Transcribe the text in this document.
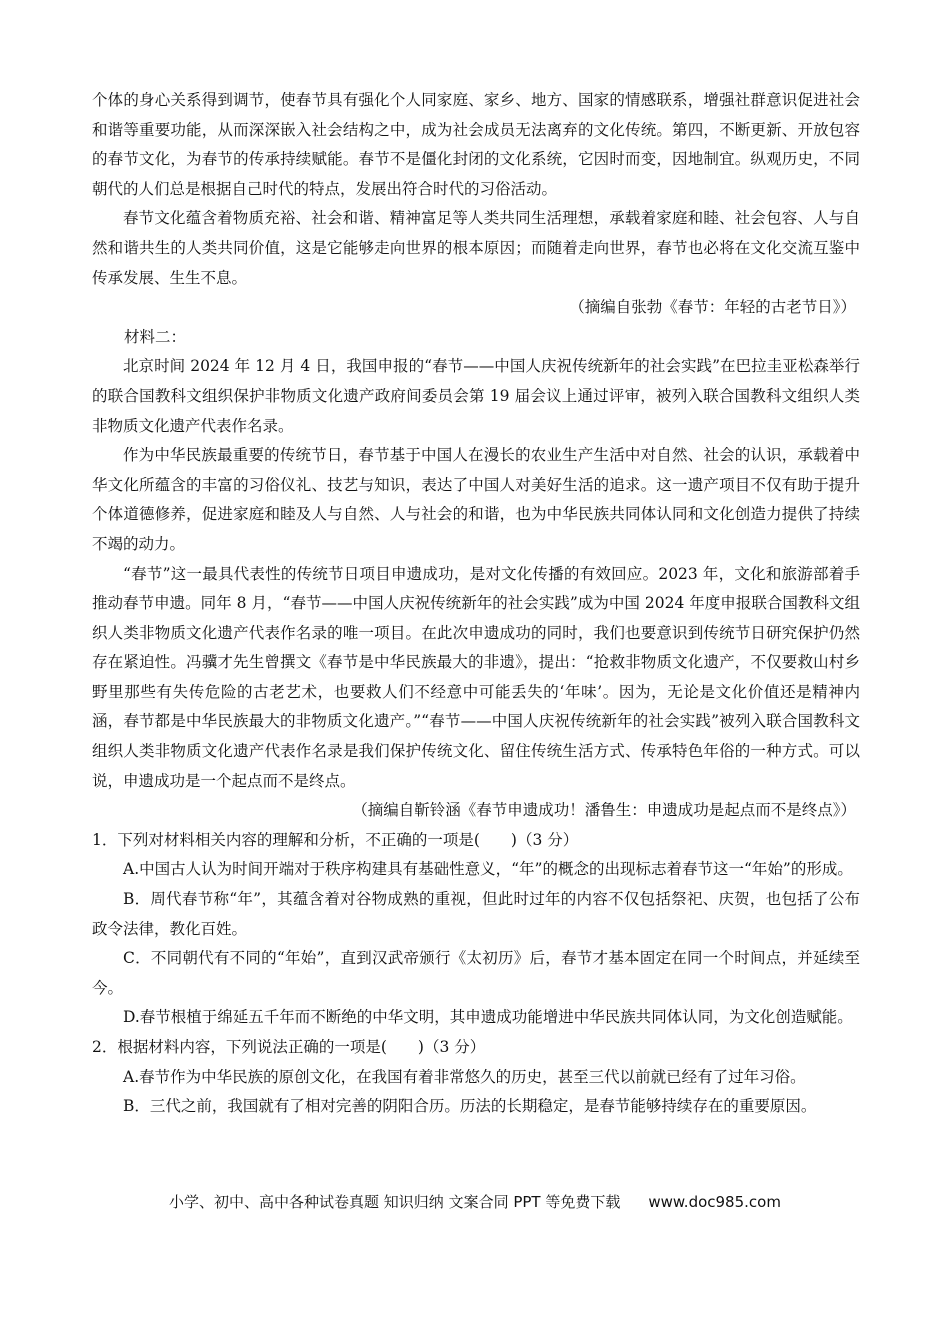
个体的身心关系得到调节，使春节具有强化个人同家庭、家乡、地方、国家的情感联系，增强社群意识促进社会和谐等重要功能，从而深深嵌入社会结构之中，成为社会成员无法离弃的文化传统。第四，不断更新、开放包容的春节文化，为春节的传承持续赋能。春节不是僵化封闭的文化系统，它因时而变，因地制宜。纵观历史，不同朝代的人们总是根据自己时代的特点，发展出符合时代的习俗活动。

春节文化蕴含着物质充裕、社会和谐、精神富足等人类共同生活理想，承载着家庭和睦、社会包容、人与自然和谐共生的人类共同价值，这是它能够走向世界的根本原因；而随着走向世界，春节也必将在文化交流互鉴中传承发展、生生不息。

（摘编自张勃《春节：年轻的古老节日》）

材料二：

北京时间 2024 年 12 月 4 日，我国申报的“春节——中国人庆祝传统新年的社会实践”在巴拉圭亚松森举行的联合国教科文组织保护非物质文化遗产政府间委员会第 19 届会议上通过评审，被列入联合国教科文组织人类非物质文化遗产代表作名录。

作为中华民族最重要的传统节日，春节基于中国人在漫长的农业生产生活中对自然、社会的认识，承载着中华文化所蕴含的丰富的习俗仪礼、技艺与知识，表达了中国人对美好生活的追求。这一遗产项目不仅有助于提升个体道德修养，促进家庭和睦及人与自然、人与社会的和谐，也为中华民族共同体认同和文化创造力提供了持续不竭的动力。

“春节”这一最具代表性的传统节日项目申遗成功，是对文化传播的有效回应。2023 年，文化和旅游部着手推动春节申遗。同年 8 月，“春节——中国人庆祝传统新年的社会实践”成为中国 2024 年度申报联合国教科文组织人类非物质文化遗产代表作名录的唯一项目。在此次申遗成功的同时，我们也要意识到传统节日研究保护仍然存在紧迫性。冯骥才先生曾撰文《春节是中华民族最大的非遗》，提出：“抢救非物质文化遗产，不仅要救山村乡野里那些有失传危险的古老艺术，也要救人们不经意中可能丢失的‘年味’。因为，无论是文化价值还是精神内涵，春节都是中华民族最大的非物质文化遗产。”“春节——中国人庆祝传统新年的社会实践”被列入联合国教科文组织人类非物质文化遗产代表作名录是我们保护传统文化、留住传统生活方式、传承特色年俗的一种方式。可以说，申遗成功是一个起点而不是终点。

（摘编自靳铃涵《春节申遗成功！潘鲁生：申遗成功是起点而不是终点》）

1．下列对材料相关内容的理解和分析，不正确的一项是(　　)（3 分）

A.中国古人认为时间开端对于秩序构建具有基础性意义，“年”的概念的出现标志着春节这一“年始”的形成。

B．周代春节称“年”，其蕴含着对谷物成熟的重视，但此时过年的内容不仅包括祭祀、庆贺，也包括了公布政令法律，教化百姓。

C．不同朝代有不同的“年始”，直到汉武帝颁行《太初历》后，春节才基本固定在同一个时间点，并延续至今。

D.春节根植于绵延五千年而不断绝的中华文明，其申遗成功能增进中华民族共同体认同，为文化创造赋能。

2．根据材料内容，下列说法正确的一项是(　　)（3 分）

A.春节作为中华民族的原创文化，在我国有着非常悠久的历史，甚至三代以前就已经有了过年习俗。

B．三代之前，我国就有了相对完善的阴阳合历。历法的长期稳定，是春节能够持续存在的重要原因。

小学、初中、高中各种试卷真题 知识归纳 文案合同 PPT 等免费下载 www.doc985.com
